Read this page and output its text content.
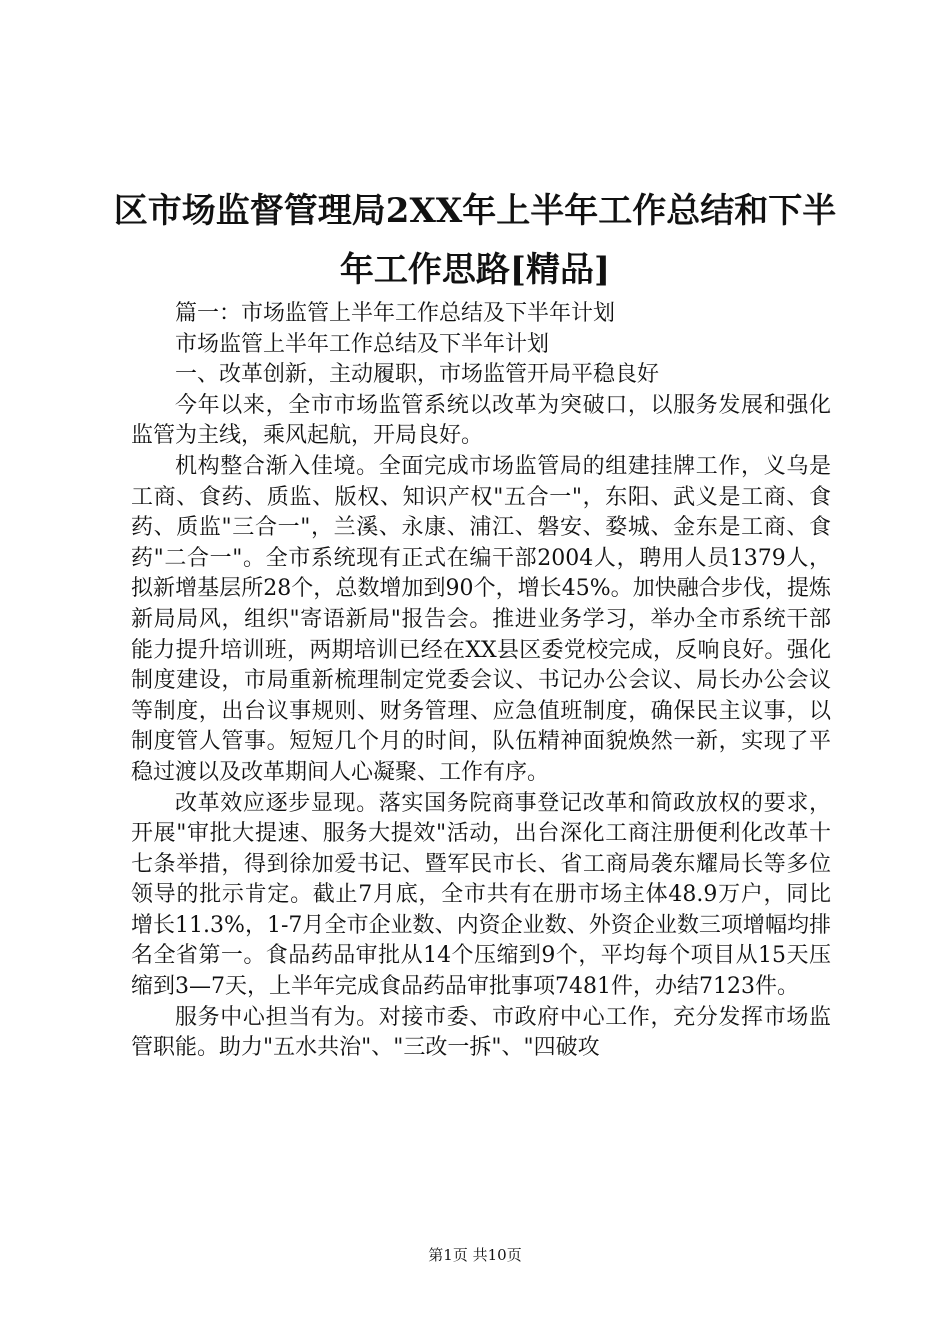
区市场监督管理局2XX年上半年工作总结和下半年工作思路[精品]

篇一：市场监管上半年工作总结及下半年计划

市场监管上半年工作总结及下半年计划

一、改革创新，主动履职，市场监管开局平稳良好

今年以来，全市市场监管系统以改革为突破口，以服务发展和强化监管为主线，乘风起航，开局良好。

机构整合渐入佳境。全面完成市场监管局的组建挂牌工作，义乌是工商、食药、质监、版权、知识产权"五合一"，东阳、武义是工商、食药、质监"三合一"，兰溪、永康、浦江、磐安、婺城、金东是工商、食药"二合一"。全市系统现有正式在编干部2004人，聘用人员1379人，拟新增基层所28个，总数增加到90个，增长45%。加快融合步伐，提炼新局局风，组织"寄语新局"报告会。推进业务学习，举办全市系统干部能力提升培训班，两期培训已经在XX县区委党校完成，反响良好。强化制度建设，市局重新梳理制定党委会议、书记办公会议、局长办公会议等制度，出台议事规则、财务管理、应急值班制度，确保民主议事，以制度管人管事。短短几个月的时间，队伍精神面貌焕然一新，实现了平稳过渡以及改革期间人心凝聚、工作有序。

改革效应逐步显现。落实国务院商事登记改革和简政放权的要求，开展"审批大提速、服务大提效"活动，出台深化工商注册便利化改革十七条举措，得到徐加爱书记、暨军民市长、省工商局袭东耀局长等多位领导的批示肯定。截止7月底，全市共有在册市场主体48.9万户，同比增长11.3%，1-7月全市企业数、内资企业数、外资企业数三项增幅均排名全省第一。食品药品审批从14个压缩到9个，平均每个项目从15天压缩到3—7天，上半年完成食品药品审批事项7481件，办结7123件。

服务中心担当有为。对接市委、市政府中心工作，充分发挥市场监管职能。助力"五水共治"、"三改一拆"、"四破攻

第1页 共10页
